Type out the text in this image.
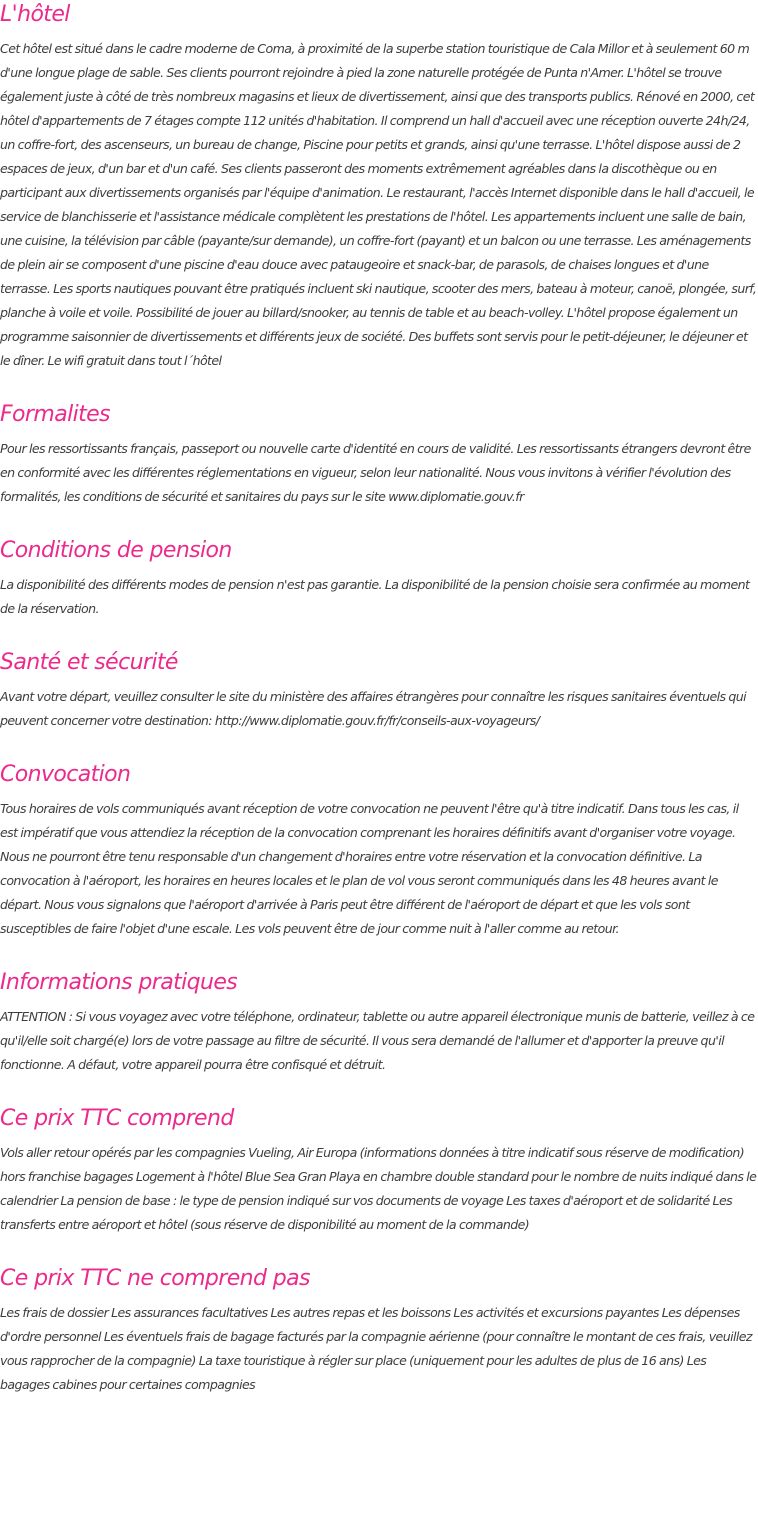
L'hôtel

Cet hôtel est situé dans le cadre moderne de Coma, à proximité de la superbe station touristique de Cala Millor et à seulement 60 m d'une longue plage de sable. Ses clients pourront rejoindre à pied la zone naturelle protégée de Punta n'Amer. L'hôtel se trouve également juste à côté de très nombreux magasins et lieux de divertissement, ainsi que des transports publics. Rénové en 2000, cet hôtel d'appartements de 7 étages compte 112 unités d'habitation. Il comprend un hall d'accueil avec une réception ouverte 24h/24, un coffre-fort, des ascenseurs, un bureau de change, Piscine pour petits et grands, ainsi qu'une terrasse. L'hôtel dispose aussi de 2 espaces de jeux, d'un bar et d'un café. Ses clients passeront des moments extrêmement agréables dans la discothèque ou en participant aux divertissements organisés par l'équipe d'animation. Le restaurant, l'accès Internet disponible dans le hall d'accueil, le service de blanchisserie et l'assistance médicale complètent les prestations de l'hôtel. Les appartements incluent une salle de bain, une cuisine, la télévision par câble (payante/sur demande), un coffre-fort (payant) et un balcon ou une terrasse. Les aménagements de plein air se composent d'une piscine d'eau douce avec pataugeoire et snack-bar, de parasols, de chaises longues et d'une terrasse. Les sports nautiques pouvant être pratiqués incluent ski nautique, scooter des mers, bateau à moteur, canoë, plongée, surf, planche à voile et voile. Possibilité de jouer au billard/snooker, au tennis de table et au beach-volley. L'hôtel propose également un programme saisonnier de divertissements et différents jeux de société. Des buffets sont servis pour le petit-déjeuner, le déjeuner et le dîner. Le wifi gratuit dans tout l´hôtel

Formalites

Pour les ressortissants français, passeport ou nouvelle carte d'identité en cours de validité. Les ressortissants étrangers devront être en conformité avec les différentes réglementations en vigueur, selon leur nationalité. Nous vous invitons à vérifier l'évolution des formalités, les conditions de sécurité et sanitaires du pays sur le site www.diplomatie.gouv.fr

Conditions de pension

La disponibilité des différents modes de pension n'est pas garantie. La disponibilité de la pension choisie sera confirmée au moment de la réservation.

Santé et sécurité

Avant votre départ, veuillez consulter le site du ministère des affaires étrangères pour connaître les risques sanitaires éventuels qui peuvent concerner votre destination: http://www.diplomatie.gouv.fr/fr/conseils-aux-voyageurs/

Convocation

Tous horaires de vols communiqués avant réception de votre convocation ne peuvent l'être qu'à titre indicatif. Dans tous les cas, il est impératif que vous attendiez la réception de la convocation comprenant les horaires définitifs avant d'organiser votre voyage. Nous ne pourront être tenu responsable d'un changement d'horaires entre votre réservation et la convocation définitive. La convocation à l'aéroport, les horaires en heures locales et le plan de vol vous seront communiqués dans les 48 heures avant le départ. Nous vous signalons que l'aéroport d'arrivée à Paris peut être différent de l'aéroport de départ et que les vols sont susceptibles de faire l'objet d'une escale. Les vols peuvent être de jour comme nuit à l'aller comme au retour.

Informations pratiques

ATTENTION : Si vous voyagez avec votre téléphone, ordinateur, tablette ou autre appareil électronique munis de batterie, veillez à ce qu'il/elle soit chargé(e) lors de votre passage au filtre de sécurité. Il vous sera demandé de l'allumer et d'apporter la preuve qu'il fonctionne. A défaut, votre appareil pourra être confisqué et détruit.

Ce prix TTC comprend

Vols aller retour opérés par les compagnies Vueling, Air Europa (informations données à titre indicatif sous réserve de modification) hors franchise bagages Logement à l'hôtel Blue Sea Gran Playa en chambre double standard pour le nombre de nuits indiqué dans le calendrier La pension de base : le type de pension indiqué sur vos documents de voyage Les taxes d'aéroport et de solidarité Les transferts entre aéroport et hôtel (sous réserve de disponibilité au moment de la commande)

Ce prix TTC ne comprend pas

Les frais de dossier Les assurances facultatives Les autres repas et les boissons Les activités et excursions payantes Les dépenses d'ordre personnel Les éventuels frais de bagage facturés par la compagnie aérienne (pour connaître le montant de ces frais, veuillez vous rapprocher de la compagnie) La taxe touristique à régler sur place (uniquement pour les adultes de plus de 16 ans) Les bagages cabines pour certaines compagnies
